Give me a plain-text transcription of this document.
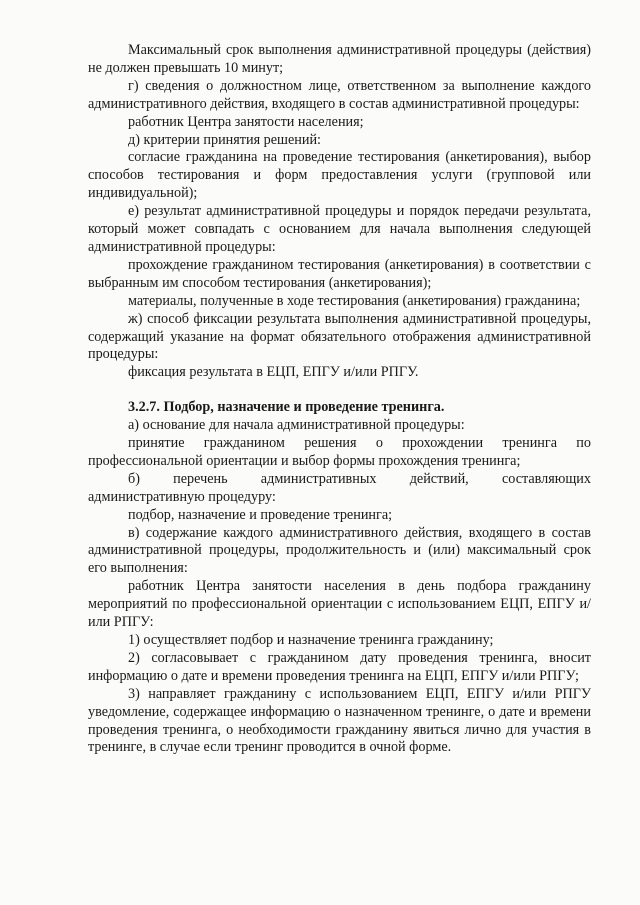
Максимальный срок выполнения административной процедуры (действия) не должен превышать 10 минут;

г) сведения о должностном лице, ответственном за выполнение каждого административного действия, входящего в состав административной процедуры:

работник Центра занятости населения;

д) критерии принятия решений:

согласие гражданина на проведение тестирования (анкетирования), выбор способов тестирования и форм предоставления услуги (групповой или индивидуальной);

е) результат административной процедуры и порядок передачи результата, который может совпадать с основанием для начала выполнения следующей административной процедуры:

прохождение гражданином тестирования (анкетирования) в соответствии с выбранным им способом тестирования (анкетирования);

материалы, полученные в ходе тестирования (анкетирования) гражданина;

ж) способ фиксации результата выполнения административной процедуры, содержащий указание на формат обязательного отображения административной процедуры:

фиксация результата в ЕЦП, ЕПГУ и/или РПГУ.

3.2.7. Подбор, назначение и проведение тренинга.

а) основание для начала административной процедуры:

принятие гражданином решения о прохождении тренинга по профессиональной ориентации и выбор формы прохождения тренинга;

б) перечень административных действий, составляющих административную процедуру:

подбор, назначение и проведение тренинга;

в) содержание каждого административного действия, входящего в состав административной процедуры, продолжительность и (или) максимальный срок его выполнения:

работник Центра занятости населения в день подбора гражданину мероприятий по профессиональной ориентации с использованием ЕЦП, ЕПГУ и/или РПГУ:

1) осуществляет подбор и назначение тренинга гражданину;

2) согласовывает с гражданином дату проведения тренинга, вносит информацию о дате и времени проведения тренинга на ЕЦП, ЕПГУ и/или РПГУ;

3) направляет гражданину с использованием ЕЦП, ЕПГУ и/или РПГУ уведомление, содержащее информацию о назначенном тренинге, о дате и времени проведения тренинга, о необходимости гражданину явиться лично для участия в тренинге, в случае если тренинг проводится в очной форме.
